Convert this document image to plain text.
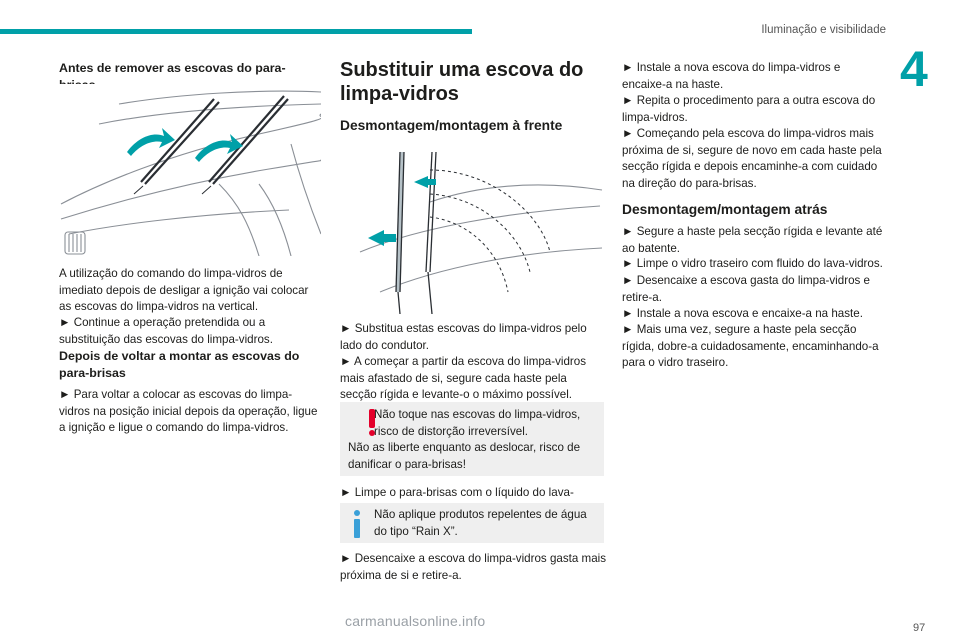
Iluminação e visibilidade
4
Antes de remover as escovas do para-

A utilização do comando do limpa-vidros de imediato depois de desligar a ignição vai colocar as escovas do limpa-vidros na vertical.

► Continue a operação pretendida ou a substituição das escovas do limpa-vidros.

Depois de voltar a montar as escovas do para-brisas

► Para voltar a colocar as escovas do limpa-vidros na posição inicial depois da operação, ligue a ignição e ligue o comando do limpa-vidros.

Substituir uma escova do limpa-vidros
Desmontagem/montagem à frente

► Substitua estas escovas do limpa-vidros pelo lado do condutor.

► A começar a partir da escova do limpa-vidros mais afastado de si, segure cada haste pela secção rígida e levante-o o máximo possível.

Não toque nas escovas do limpa-vidros, risco de distorção irreversível.

Não as liberte enquanto as deslocar, risco de danificar o para-brisas!

► Limpe o para-brisas com o líquido do lava-

Não aplique produtos repelentes de água do tipo “Rain X”.

► Desencaixe a escova do limpa-vidros gasta mais próxima de si e retire-a.

► Instale a nova escova do limpa-vidros e encaixe-a na haste.

► Repita o procedimento para a outra escova do limpa-vidros.

► Começando pela escova do limpa-vidros mais próxima de si, segure de novo em cada haste pela secção rígida e depois encaminhe-a com cuidado na direção do para-brisas.

Desmontagem/montagem atrás

► Segure a haste pela secção rígida e levante até ao batente.

► Limpe o vidro traseiro com fluido do lava-vidros.

► Desencaixe a escova gasta do limpa-vidros e retire-a.

► Instale a nova escova e encaixe-a na haste.

► Mais uma vez, segure a haste pela secção rígida, dobre-a cuidadosamente, encaminhando-a para o vidro traseiro.

carmanualsonline.info	97
